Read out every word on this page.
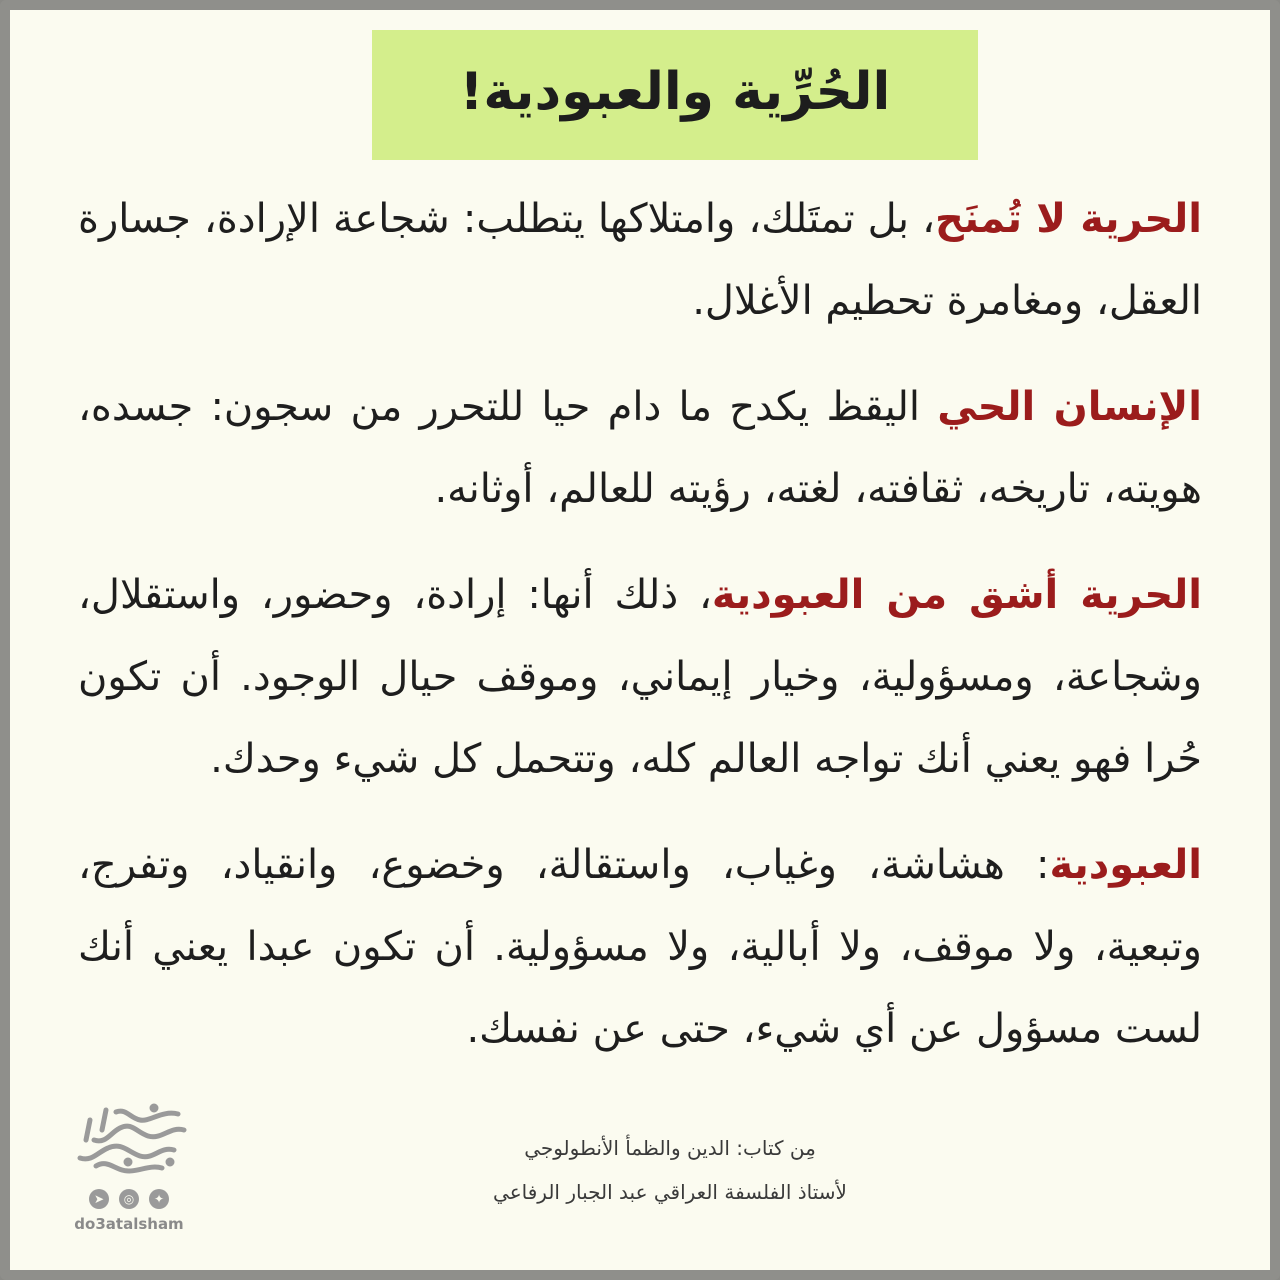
الحُرِّية والعبودية!

الحرية لا تُمنَح، بل تمتَلك، وامتلاكها يتطلب: شجاعة الإرادة، جسارة العقل، ومغامرة تحطيم الأغلال.

الإنسان الحي اليقظ يكدح ما دام حيا للتحرر من سجون: جسده، هويته، تاريخه، ثقافته، لغته، رؤيته للعالم، أوثانه.

الحرية أشق من العبودية، ذلك أنها: إرادة، وحضور، واستقلال، وشجاعة، ومسؤولية، وخيار إيماني، وموقف حيال الوجود. أن تكون حُرا فهو يعني أنك تواجه العالم كله، وتتحمل كل شيء وحدك.

العبودية: هشاشة، وغياب، واستقالة، وخضوع، وانقياد، وتفرج، وتبعية، ولا موقف، ولا أبالية، ولا مسؤولية. أن تكون عبدا يعني أنك لست مسؤول عن أي شيء، حتى عن نفسك.

مِن كتاب: الدين والظمأ الأنطولوجي
لأستاذ الفلسفة العراقي عبد الجبار الرفاعي
➤	◎	✦
do3atalsham
